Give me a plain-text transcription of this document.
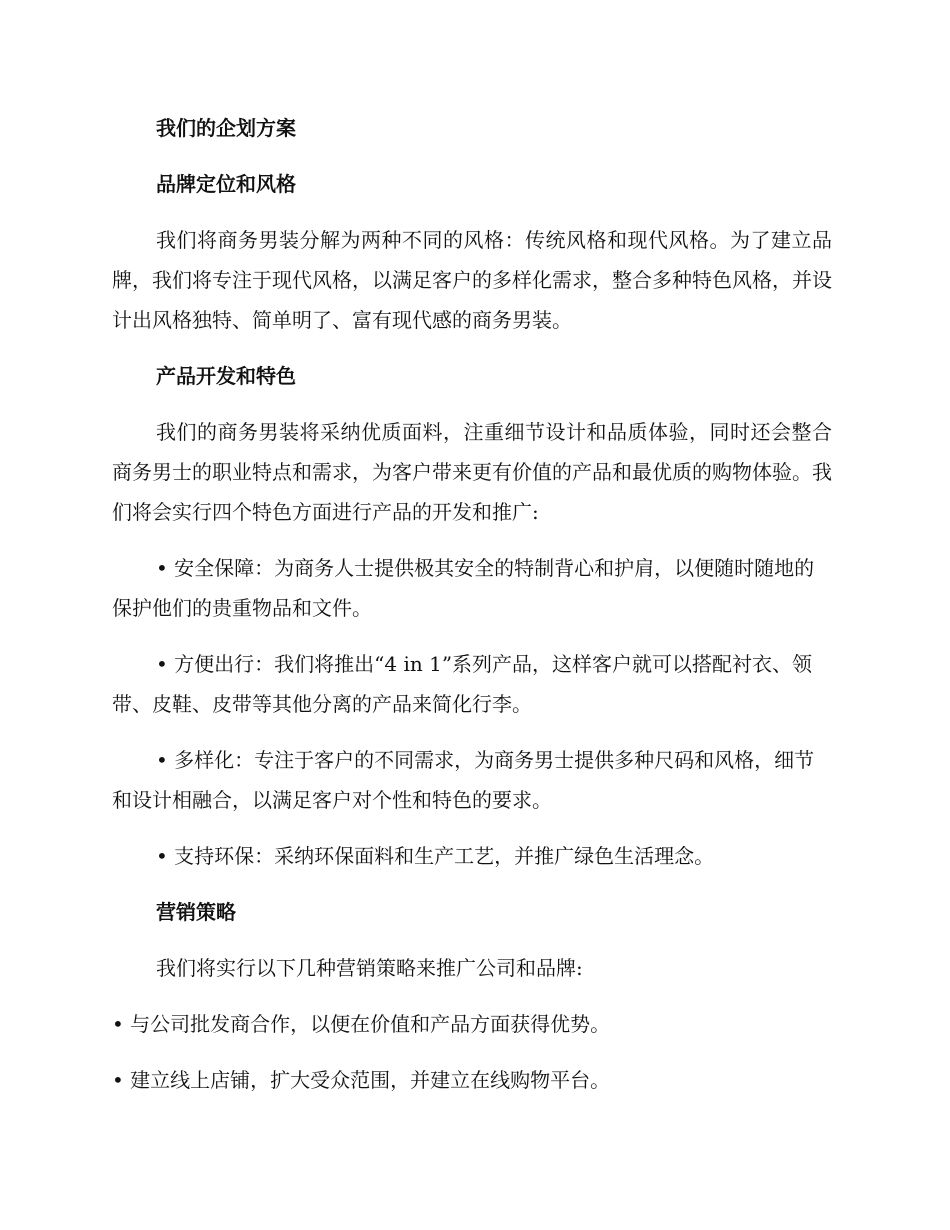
我们的企划方案
品牌定位和风格
我们将商务男装分解为两种不同的风格：传统风格和现代风格。为了建立品牌，我们将专注于现代风格，以满足客户的多样化需求，整合多种特色风格，并设计出风格独特、简单明了、富有现代感的商务男装。
产品开发和特色
我们的商务男装将采纳优质面料，注重细节设计和品质体验，同时还会整合商务男士的职业特点和需求，为客户带来更有价值的产品和最优质的购物体验。我们将会实行四个特色方面进行产品的开发和推广:
• 安全保障：为商务人士提供极其安全的特制背心和护肩，以便随时随地的保护他们的贵重物品和文件。
• 方便出行：我们将推出“4 in 1”系列产品，这样客户就可以搭配衬衣、领带、皮鞋、皮带等其他分离的产品来简化行李。
• 多样化：专注于客户的不同需求，为商务男士提供多种尺码和风格，细节和设计相融合，以满足客户对个性和特色的要求。
• 支持环保：采纳环保面料和生产工艺，并推广绿色生活理念。
营销策略
我们将实行以下几种营销策略来推广公司和品牌:
• 与公司批发商合作，以便在价值和产品方面获得优势。
• 建立线上店铺，扩大受众范围，并建立在线购物平台。
